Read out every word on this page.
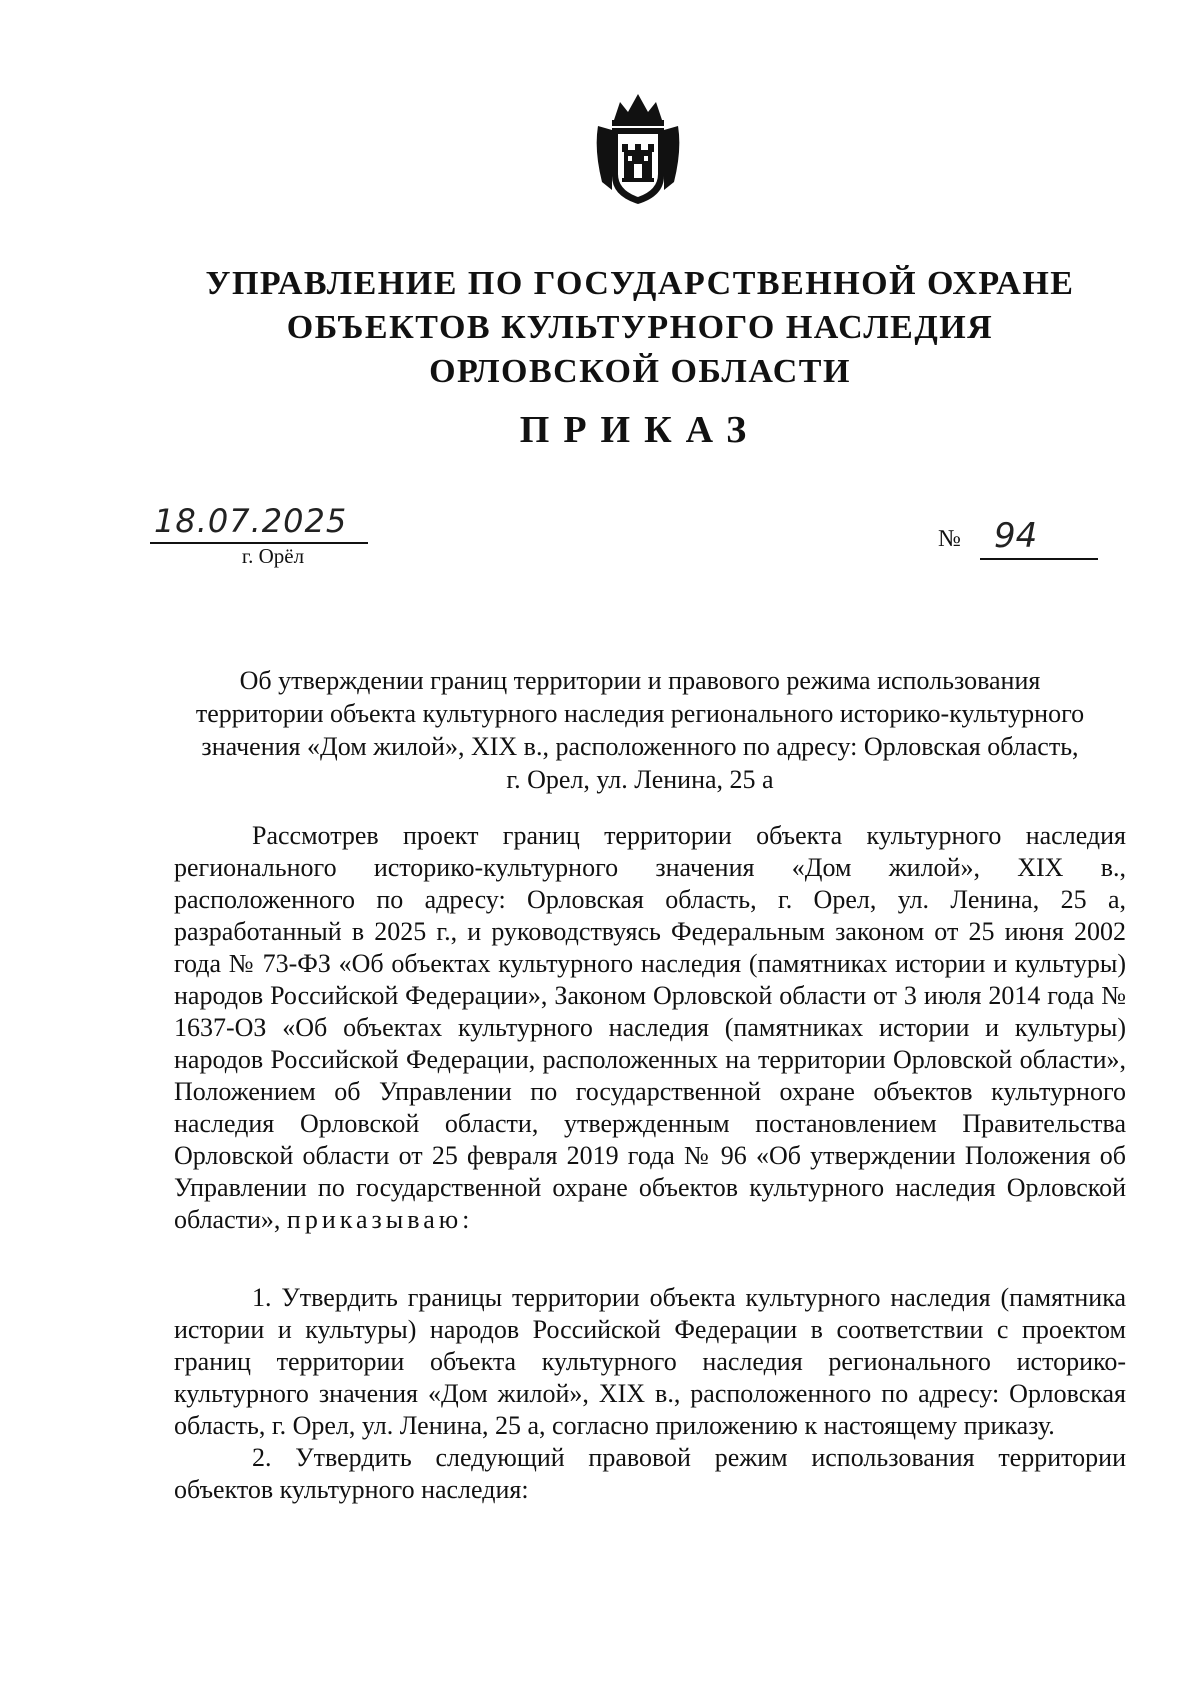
УПРАВЛЕНИЕ ПО ГОСУДАРСТВЕННОЙ ОХРАНЕ
ОБЪЕКТОВ КУЛЬТУРНОГО НАСЛЕДИЯ
ОРЛОВСКОЙ ОБЛАСТИ
ПРИКАЗ
18.07.2025
г. Орёл
№ 94
Об утверждении границ территории и правового режима использования
территории объекта культурного наследия регионального историко-культурного
значения «Дом жилой», XIX в., расположенного по адресу: Орловская область,
г. Орел, ул. Ленина, 25 а

Рассмотрев проект границ территории объекта культурного наследия регионального историко-культурного значения «Дом жилой», XIX в., расположенного по адресу: Орловская область, г. Орел, ул. Ленина, 25 а, разработанный в 2025 г., и руководствуясь Федеральным законом от 25 июня 2002 года № 73-ФЗ «Об объектах культурного наследия (памятниках истории и культуры) народов Российской Федерации», Законом Орловской области от 3 июля 2014 года № 1637-ОЗ «Об объектах культурного наследия (памятниках истории и культуры) народов Российской Федерации, расположенных на территории Орловской области», Положением об Управлении по государственной охране объектов культурного наследия Орловской области, утвержденным постановлением Правительства Орловской области от 25 февраля 2019 года № 96 «Об утверждении Положения об Управлении по государственной охране объектов культурного наследия Орловской области», приказываю:

1. Утвердить границы территории объекта культурного наследия (памятника истории и культуры) народов Российской Федерации в соответствии с проектом границ территории объекта культурного наследия регионального историко-культурного значения «Дом жилой», XIX в., расположенного по адресу: Орловская область, г. Орел, ул. Ленина, 25 а, согласно приложению к настоящему приказу.

2. Утвердить следующий правовой режим использования территории объектов культурного наследия:
